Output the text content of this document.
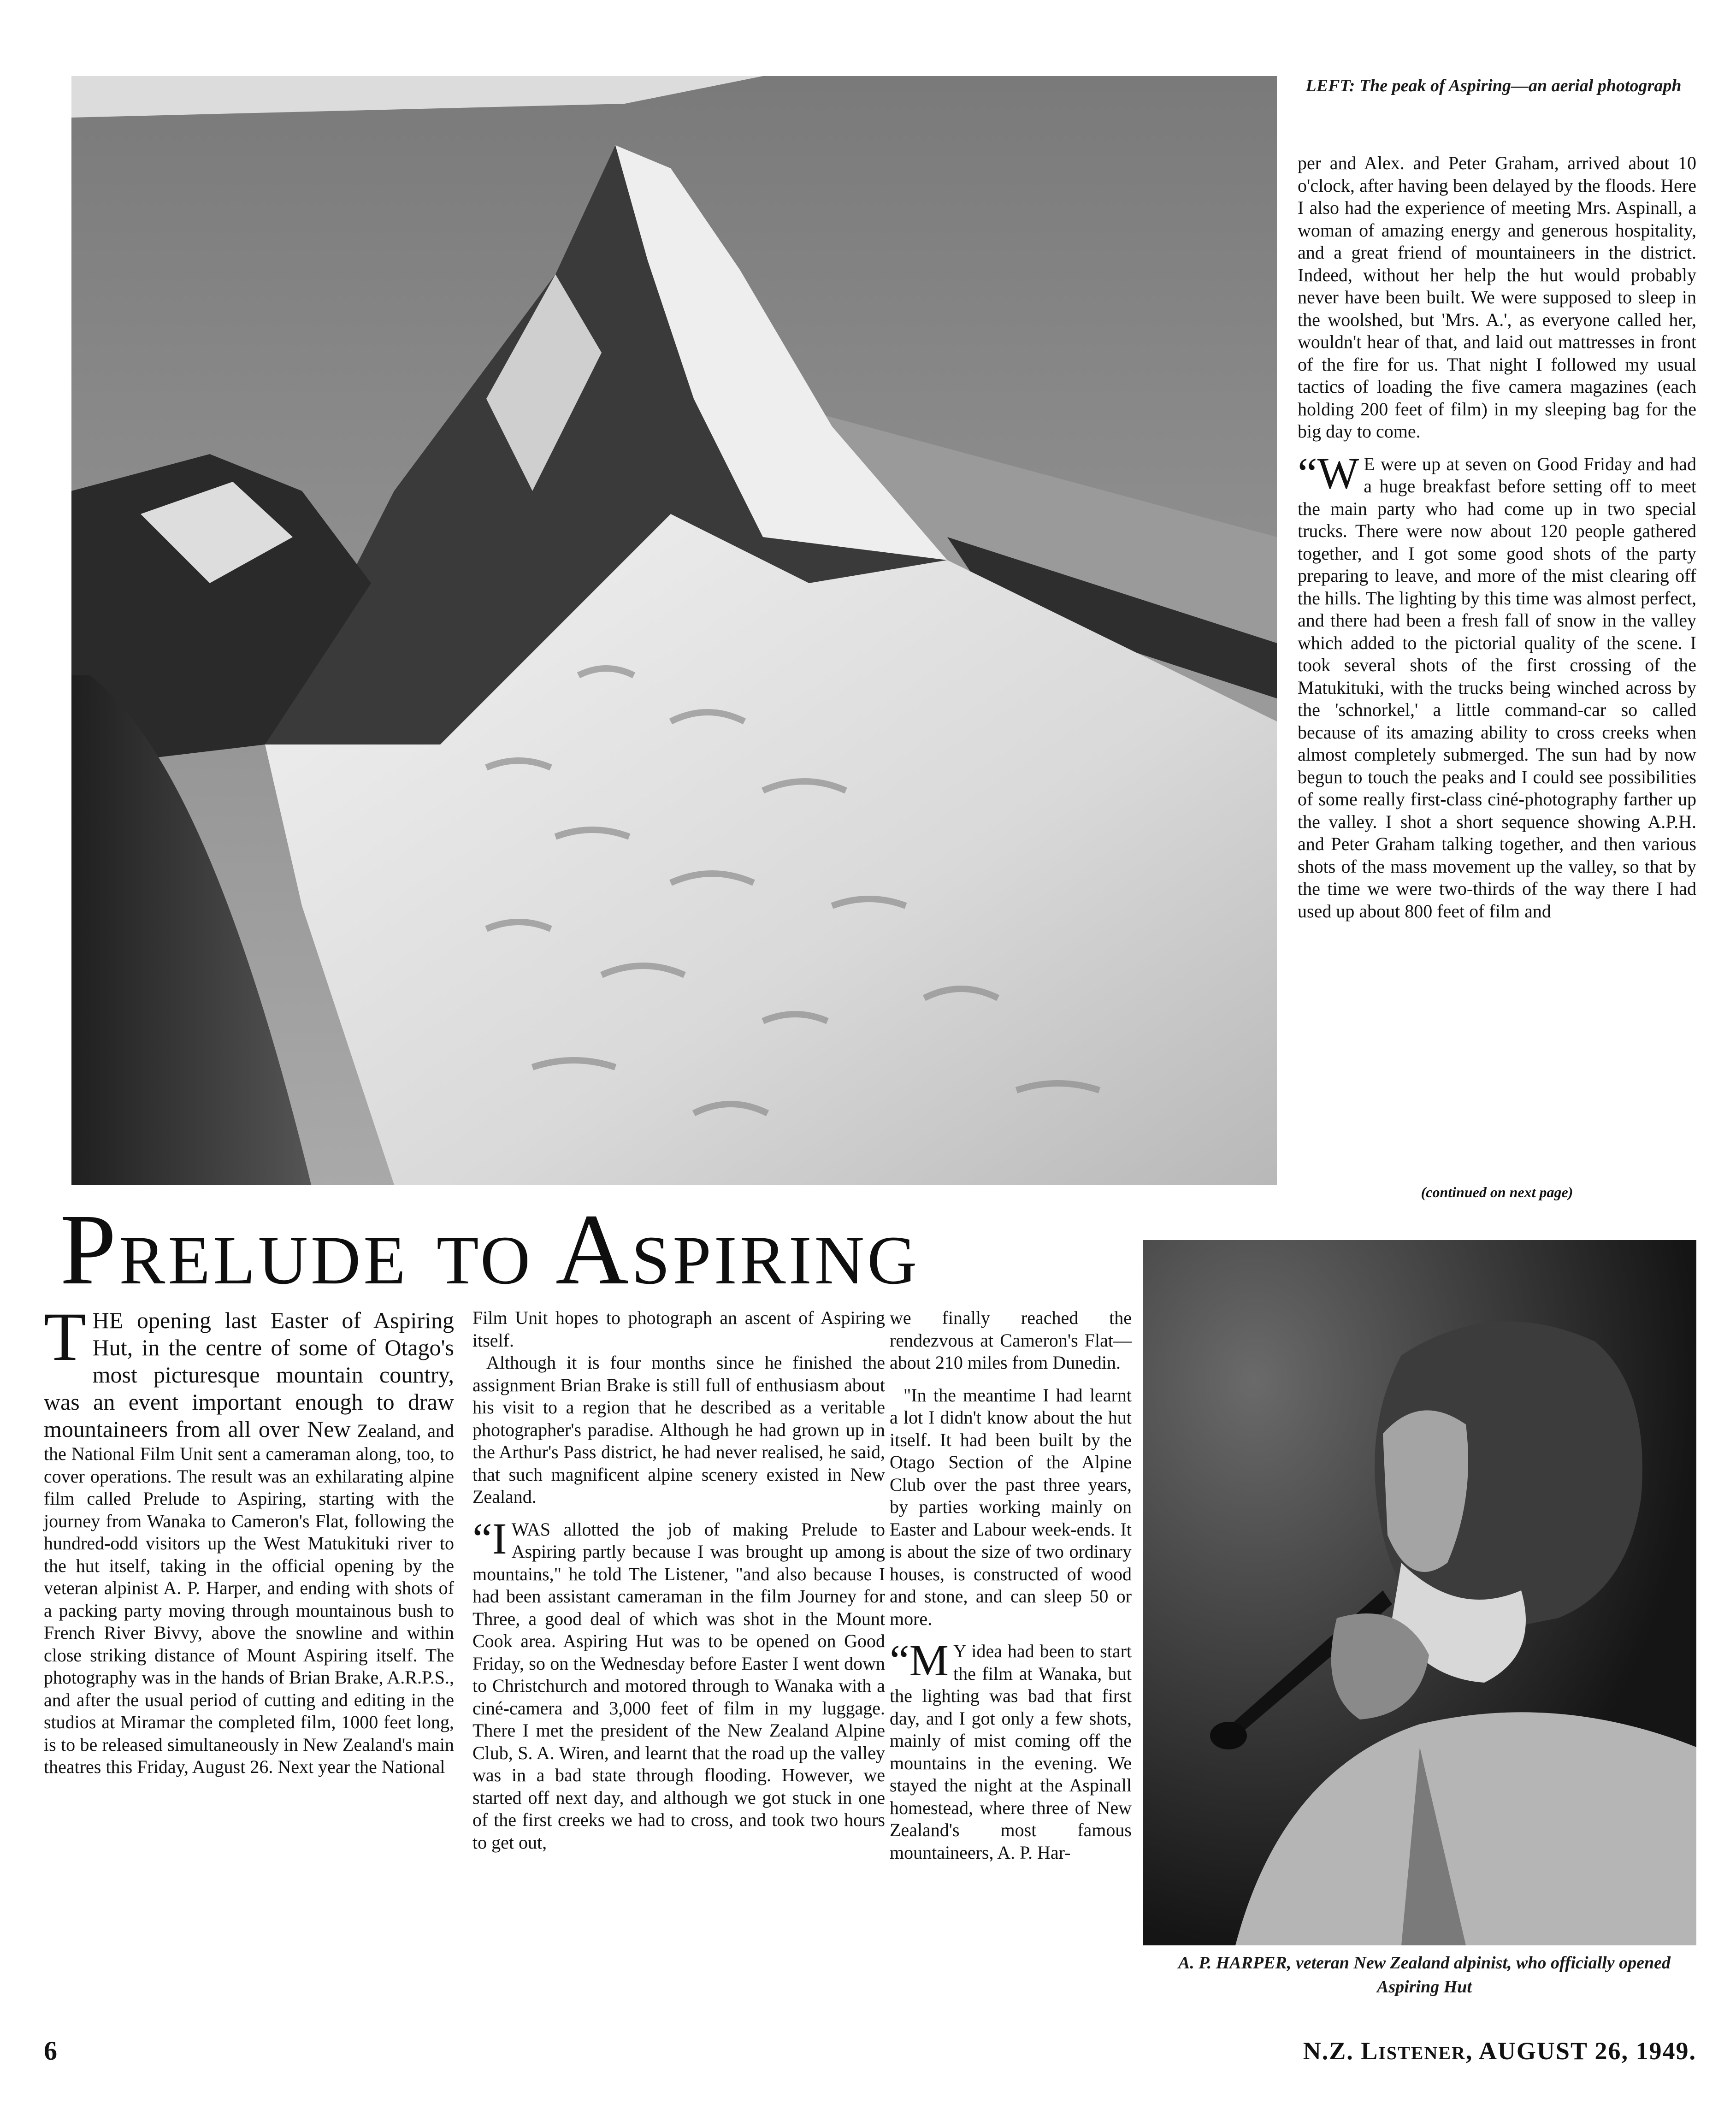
LEFT: The peak of Aspiring—an aerial photograph

per and Alex. and Peter Graham, arrived about 10 o'clock, after having been delayed by the floods. Here I also had the experience of meeting Mrs. Aspinall, a woman of amazing energy and generous hospitality, and a great friend of mountaineers in the district. Indeed, without her help the hut would probably never have been built. We were supposed to sleep in the woolshed, but 'Mrs. A.', as everyone called her, wouldn't hear of that, and laid out mattresses in front of the fire for us. That night I followed my usual tactics of loading the five camera magazines (each holding 200 feet of film) in my sleeping bag for the big day to come.

“W E were up at seven on Good Friday and had a huge breakfast before setting off to meet the main party who had come up in two special trucks. There were now about 120 people gathered together, and I got some good shots of the party preparing to leave, and more of the mist clearing off the hills. The lighting by this time was almost perfect, and there had been a fresh fall of snow in the valley which added to the pictorial quality of the scene. I took several shots of the first crossing of the Matukituki, with the trucks being winched across by the 'schnorkel,' a little command-car so called because of its amazing ability to cross creeks when almost completely submerged. The sun had by now begun to touch the peaks and I could see possibilities of some really first-class ciné-photography farther up the valley. I shot a short sequence showing A.P.H. and Peter Graham talking together, and then various shots of the mass movement up the valley, so that by the time we were two-thirds of the way there I had used up about 800 feet of film and

(continued on next page)
PRELUDE TO ASPIRING

THE opening last Easter of Aspiring Hut, in the centre of some of Otago's most picturesque mountain country, was an event important enough to draw mountaineers from all over New Zealand, and the National Film Unit sent a cameraman along, too, to cover operations. The result was an exhilarating alpine film called Prelude to Aspiring, starting with the journey from Wanaka to Cameron's Flat, following the hundred-odd visitors up the West Matukituki river to the hut itself, taking in the official opening by the veteran alpinist A. P. Harper, and ending with shots of a packing party moving through mountainous bush to French River Bivvy, above the snowline and within close striking distance of Mount Aspiring itself. The photography was in the hands of Brian Brake, A.R.P.S., and after the usual period of cutting and editing in the studios at Miramar the completed film, 1000 feet long, is to be released simultaneously in New Zealand's main theatres this Friday, August 26. Next year the National

Film Unit hopes to photograph an ascent of Aspiring itself.

Although it is four months since he finished the assignment Brian Brake is still full of enthusiasm about his visit to a region that he described as a veritable photographer's paradise. Although he had grown up in the Arthur's Pass district, he had never realised, he said, that such magnificent alpine scenery existed in New Zealand.

“IWAS allotted the job of making Prelude to Aspiring partly because I was brought up among mountains," he told The Listener, "and also because I had been assistant cameraman in the film Journey for Three, a good deal of which was shot in the Mount Cook area. Aspiring Hut was to be opened on Good Friday, so on the Wednesday before Easter I went down to Christchurch and motored through to Wanaka with a ciné-camera and 3,000 feet of film in my luggage. There I met the president of the New Zealand Alpine Club, S. A. Wiren, and learnt that the road up the valley was in a bad state through flooding. However, we started off next day, and although we got stuck in one of the first creeks we had to cross, and took two hours to get out,

we finally reached the rendezvous at Cameron's Flat—about 210 miles from Dunedin.

"In the meantime I had learnt a lot I didn't know about the hut itself. It had been built by the Otago Section of the Alpine Club over the past three years, by parties working mainly on Easter and Labour week-ends. It is about the size of two ordinary houses, is constructed of wood and stone, and can sleep 50 or more.

“M Y idea had been to start the film at Wanaka, but the lighting was bad that first day, and I got only a few shots, mainly of mist coming off the mountains in the evening. We stayed the night at the Aspinall homestead, where three of New Zealand's most famous mountaineers, A. P. Har-

A. P. HARPER, veteran New Zealand alpinist, who officially opened Aspiring Hut
6	N.Z. LISTENER, AUGUST 26, 1949.
